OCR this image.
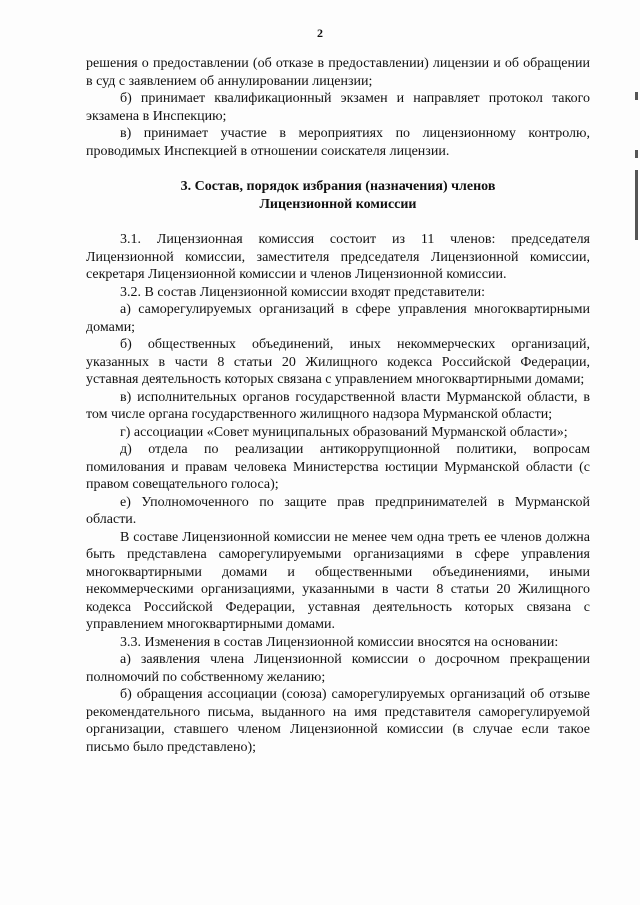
2

решения о предоставлении (об отказе в предоставлении) лицензии и об обращении в суд с заявлением об аннулировании лицензии;

б) принимает квалификационный экзамен и направляет протокол такого экзамена в Инспекцию;

в) принимает участие в мероприятиях по лицензионному контролю, проводимых Инспекцией в отношении соискателя лицензии.

3. Состав, порядок избрания (назначения) членов
Лицензионной комиссии

3.1. Лицензионная комиссия состоит из 11 членов: председателя Лицензионной комиссии, заместителя председателя Лицензионной комиссии, секретаря Лицензионной комиссии и членов Лицензионной комиссии.

3.2. В состав Лицензионной комиссии входят представители:

а) саморегулируемых организаций в сфере управления многоквартирными домами;

б) общественных объединений, иных некоммерческих организаций, указанных в части 8 статьи 20 Жилищного кодекса Российской Федерации, уставная деятельность которых связана с управлением многоквартирными домами;

в) исполнительных органов государственной власти Мурманской области, в том числе органа государственного жилищного надзора Мурманской области;

г) ассоциации «Совет муниципальных образований Мурманской области»;

д) отдела по реализации антикоррупционной политики, вопросам помилования и правам человека Министерства юстиции Мурманской области (с правом совещательного голоса);

е) Уполномоченного по защите прав предпринимателей в Мурманской области.

В составе Лицензионной комиссии не менее чем одна треть ее членов должна быть представлена саморегулируемыми организациями в сфере управления многоквартирными домами и общественными объединениями, иными некоммерческими организациями, указанными в части 8 статьи 20 Жилищного кодекса Российской Федерации, уставная деятельность которых связана с управлением многоквартирными домами.

3.3. Изменения в состав Лицензионной комиссии вносятся на основании:

а) заявления члена Лицензионной комиссии о досрочном прекращении полномочий по собственному желанию;

б) обращения ассоциации (союза) саморегулируемых организаций об отзыве рекомендательного письма, выданного на имя представителя саморегулируемой организации, ставшего членом Лицензионной комиссии (в случае если такое письмо было представлено);
